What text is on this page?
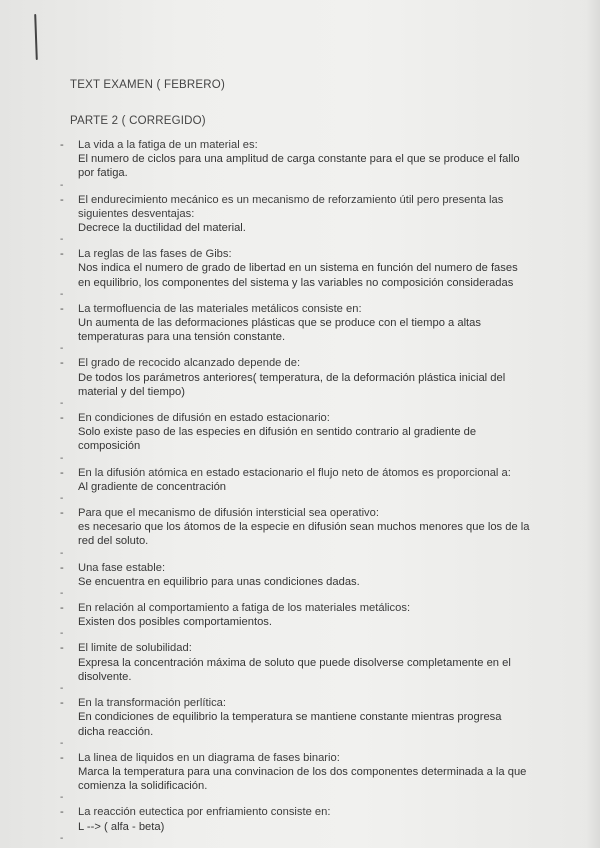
TEXT EXAMEN ( FEBRERO)
PARTE 2 ( CORREGIDO)
-	La vida a la fatiga de un material es:
El numero de ciclos para una amplitud de carga constante para el que se produce el fallo por fatiga.
-
-	El endurecimiento mecánico es un mecanismo de reforzamiento útil pero presenta las siguientes desventajas:
Decrece la ductilidad del material.
-
-	La reglas de las fases de Gibs:
Nos indica el numero de grado de libertad en un sistema en función del numero de fases en equilibrio, los componentes del sistema y las variables no composición consideradas
-
-	La termofluencia de las materiales metálicos consiste en:
Un aumenta de las deformaciones plásticas que se produce con el tiempo a altas temperaturas para una tensión constante.
-
-	El grado de recocido alcanzado depende de:
De todos los parámetros anteriores( temperatura, de la deformación plástica inicial del material y del tiempo)
-
-	En condiciones de difusión en estado estacionario:
Solo existe paso de las especies en difusión en sentido contrario al gradiente de composición
-
-	En la difusión atómica en estado estacionario el flujo neto de átomos es proporcional a:
Al gradiente de concentración
-
-	Para que el mecanismo de difusión intersticial sea operativo:
es necesario que los átomos de la especie en difusión sean muchos menores que los de la red del soluto.
-
-	Una fase estable:
Se encuentra en equilibrio para unas condiciones dadas.
-
-	En relación al comportamiento a fatiga de los materiales metálicos:
Existen dos posibles comportamientos.
-
-	El limite de solubilidad:
Expresa la concentración máxima de soluto que puede disolverse completamente en el disolvente.
-
-	En la transformación perlítica:
En condiciones de equilibrio la temperatura se mantiene constante mientras progresa dicha reacción.
-
-	La linea de liquidos en un diagrama de fases binario:
Marca la temperatura para una convinacion de los dos componentes determinada a la que comienza la solidificación.
-
-	La reacción eutectica por enfriamiento consiste en:
L --> ( alfa - beta)
-
